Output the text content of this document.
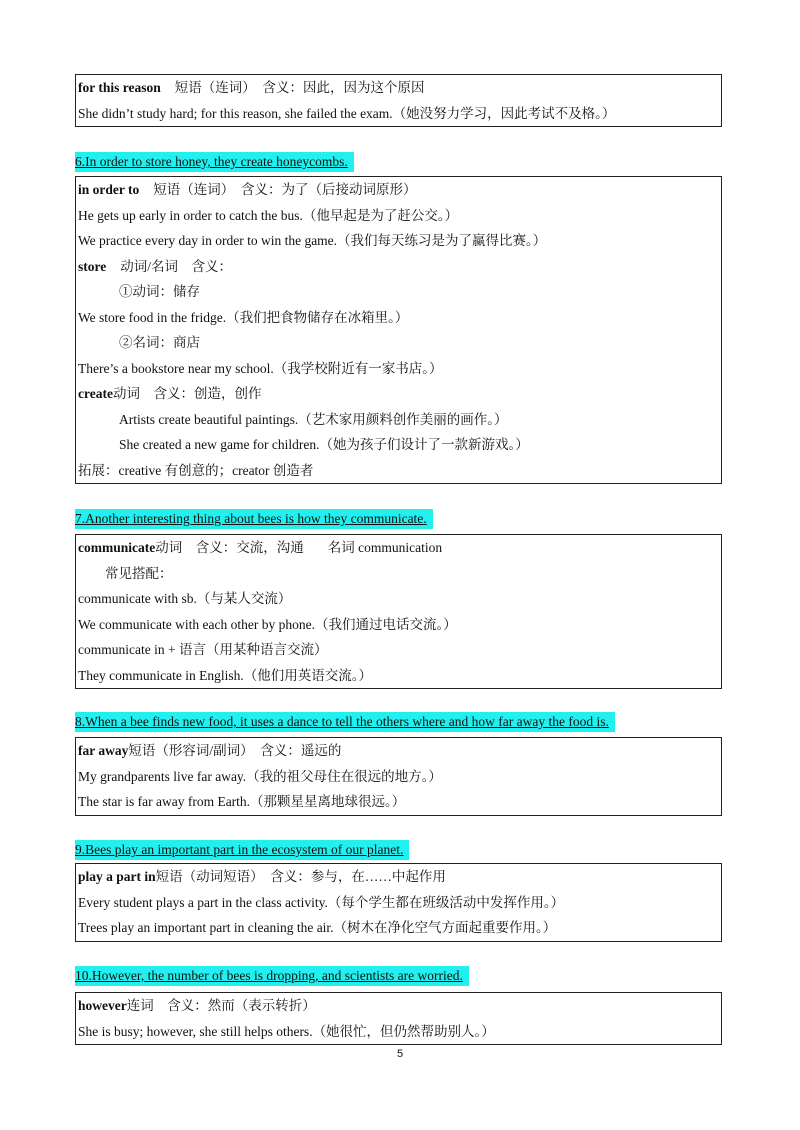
for this reason 短语（连词）　含义：因此，因为这个原因
She didn’t study hard; for this reason, she failed the exam.（她没努力学习，因此考试不及格。）
6.In order to store honey, they create honeycombs.
in order to 短语（连词）　含义：为了（后接动词原形）
He gets up early in order to catch the bus.（他早起是为了赶公交。）
We practice every day in order to win the game.（我们每天练习是为了赢得比赛。）
store 动词/名词　含义：
①动词：储存
We store food in the fridge.（我们把食物储存在冰箱里。）
②名词：商店
There’s a bookstore near my school.（我学校附近有一家书店。）
create动词　含义：创造，创作
Artists create beautiful paintings.（艺术家用颜料创作美丽的画作。）
She created a new game for children.（她为孩子们设计了一款新游戏。）
拓展：creative 有创意的；creator 创造者
7.Another interesting thing about bees is how they communicate.
communicate动词　含义：交流，沟通 名词 communication
常见搭配：
communicate with sb.（与某人交流）
We communicate with each other by phone.（我们通过电话交流。）
communicate in + 语言（用某种语言交流）
They communicate in English.（他们用英语交流。）
8.When a bee finds new food, it uses a dance to tell the others where and how far away the food is.
far away短语（形容词/副词）　含义：遥远的
My grandparents live far away.（我的祖父母住在很远的地方。）
The star is far away from Earth.（那颗星星离地球很远。）
9.Bees play an important part in the ecosystem of our planet.
play a part in短语（动词短语）　含义：参与，在……中起作用
Every student plays a part in the class activity.（每个学生都在班级活动中发挥作用。）
Trees play an important part in cleaning the air.（树木在净化空气方面起重要作用。）
10.However, the number of bees is dropping, and scientists are worried.
however连词　含义：然而（表示转折）
She is busy; however, she still helps others.（她很忙，但仍然帮助别人。）
5
